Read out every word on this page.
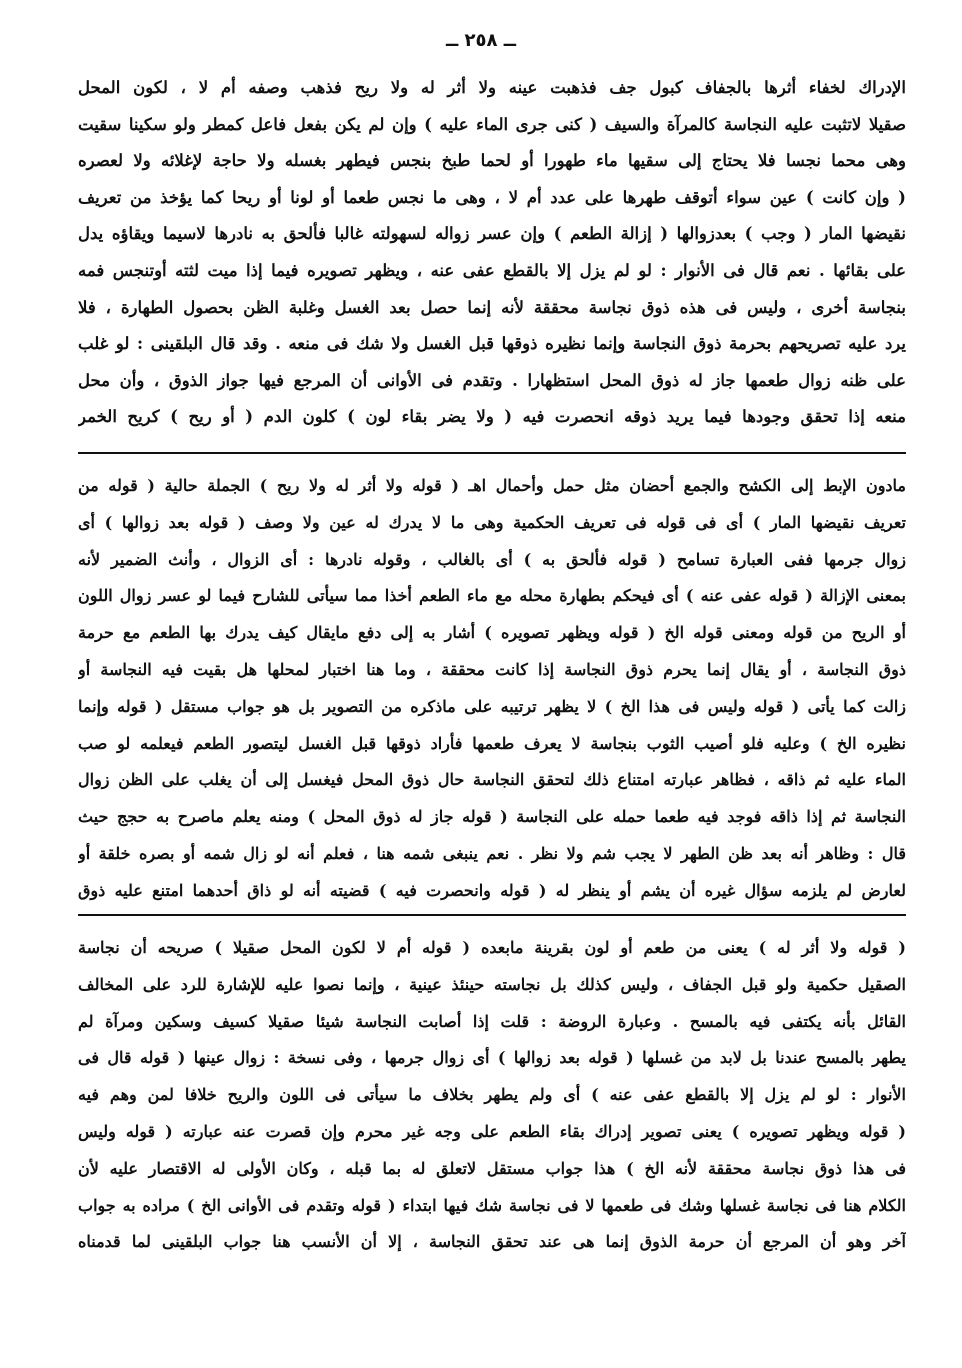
ــ ٢٥٨ ــ
الإدراك لخفاء أثرها بالجفاف كبول جف فذهبت عينه ولا أثر له ولا ريح فذهب وصفه أم لا ، لكون المحل
صقيلا لاتثبت عليه النجاسة كالمرآة والسيف ( كنى جرى الماء عليه ) وإن لم يكن بفعل فاعل كمطر ولو سكينا سقيت
وهى محما نجسا فلا يحتاج إلى سقيها ماء طهورا أو لحما طبخ بنجس فيطهر بغسله ولا حاجة لإغلائه ولا لعصره
( وإن كانت ) عين سواء أتوقف طهرها على عدد أم لا ، وهى ما نجس طعما أو لونا أو ريحا كما يؤخذ من تعريف
نقيضها المار ( وجب ) بعدزوالها ( إزالة الطعم ) وإن عسر زواله لسهولته غالبا فألحق به نادرها لاسيما ويقاؤه يدل
على بقائها . نعم قال فى الأنوار : لو لم يزل إلا بالقطع عفى عنه ، ويظهر تصويره فيما إذا ميت لثته أوتنجس فمه
بنجاسة أخرى ، وليس فى هذه ذوق نجاسة محققة لأنه إنما حصل بعد الغسل وغلبة الظن بحصول الطهارة ، فلا
يرد عليه تصريحهم بحرمة ذوق النجاسة وإنما نظيره ذوقها قبل الغسل ولا شك فى منعه . وقد قال البلقينى : لو غلب
على ظنه زوال طعمها جاز له ذوق المحل استظهارا . وتقدم فى الأوانى أن المرجع فيها جواز الذوق ، وأن محل
منعه إذا تحقق وجودها فيما يريد ذوقه انحصرت فيه ( ولا يضر بقاء لون ) كلون الدم ( أو ريح ) كريح الخمر
مادون الإبط إلى الكشح والجمع أحضان مثل حمل وأحمال اهـ ( قوله ولا أثر له ولا ريح ) الجملة حالية ( قوله من
تعريف نقيضها المار ) أى فى قوله فى تعريف الحكمية وهى ما لا يدرك له عين ولا وصف ( قوله بعد زوالها ) أى
زوال جرمها ففى العبارة تسامح ( قوله فألحق به ) أى بالغالب ، وقوله نادرها : أى الزوال ، وأنث الضمير لأنه
بمعنى الإزالة ( قوله عفى عنه ) أى فيحكم بطهارة محله مع ماء الطعم أخذا مما سيأتى للشارح فيما لو عسر زوال اللون
أو الريح من قوله ومعنى قوله الخ ( قوله ويظهر تصويره ) أشار به إلى دفع مايقال كيف يدرك بها الطعم مع حرمة
ذوق النجاسة ، أو يقال إنما يحرم ذوق النجاسة إذا كانت محققة ، وما هنا اختبار لمحلها هل بقيت فيه النجاسة أو
زالت كما يأتى ( قوله وليس فى هذا الخ ) لا يظهر ترتيبه على ماذكره من التصوير بل هو جواب مستقل ( قوله وإنما
نظيره الخ ) وعليه فلو أصيب الثوب بنجاسة لا يعرف طعمها فأراد ذوقها قبل الغسل ليتصور الطعم فيعلمه لو صب
الماء عليه ثم ذاقه ، فظاهر عبارته امتناع ذلك لتحقق النجاسة حال ذوق المحل فيغسل إلى أن يغلب على الظن زوال
النجاسة ثم إذا ذاقه فوجد فيه طعما حمله على النجاسة ( قوله جاز له ذوق المحل ) ومنه يعلم ماصرح به حجج حيث
قال : وظاهر أنه بعد ظن الطهر لا يجب شم ولا نظر . نعم ينبغى شمه هنا ، فعلم أنه لو زال شمه أو بصره خلقة أو
لعارض لم يلزمه سؤال غيره أن يشم أو ينظر له ( قوله وانحصرت فيه ) قضيته أنه لو ذاق أحدهما امتنع عليه ذوق
( قوله ولا أثر له ) يعنى من طعم أو لون بقرينة مابعده ( قوله أم لا لكون المحل صقيلا ) صريحه أن نجاسة
الصقيل حكمية ولو قبل الجفاف ، وليس كذلك بل نجاسته حينئذ عينية ، وإنما نصوا عليه للإشارة للرد على المخالف
القائل بأنه يكتفى فيه بالمسح . وعبارة الروضة : قلت إذا أصابت النجاسة شيئا صقيلا كسيف وسكين ومرآة لم
يطهر بالمسح عندنا بل لابد من غسلها ( قوله بعد زوالها ) أى زوال جرمها ، وفى نسخة : زوال عينها ( قوله قال فى
الأنوار : لو لم يزل إلا بالقطع عفى عنه ) أى ولم يطهر بخلاف ما سيأتى فى اللون والريح خلافا لمن وهم فيه
( قوله ويظهر تصويره ) يعنى تصوير إدراك بقاء الطعم على وجه غير محرم وإن قصرت عنه عبارته ( قوله وليس
فى هذا ذوق نجاسة محققة لأنه الخ ) هذا جواب مستقل لاتعلق له بما قبله ، وكان الأولى له الاقتصار عليه لأن
الكلام هنا فى نجاسة غسلها وشك فى طعمها لا فى نجاسة شك فيها ابتداء ( قوله وتقدم فى الأوانى الخ ) مراده به جواب
آخر وهو أن المرجع أن حرمة الذوق إنما هى عند تحقق النجاسة ، إلا أن الأنسب هنا جواب البلقينى لما قدمناه
